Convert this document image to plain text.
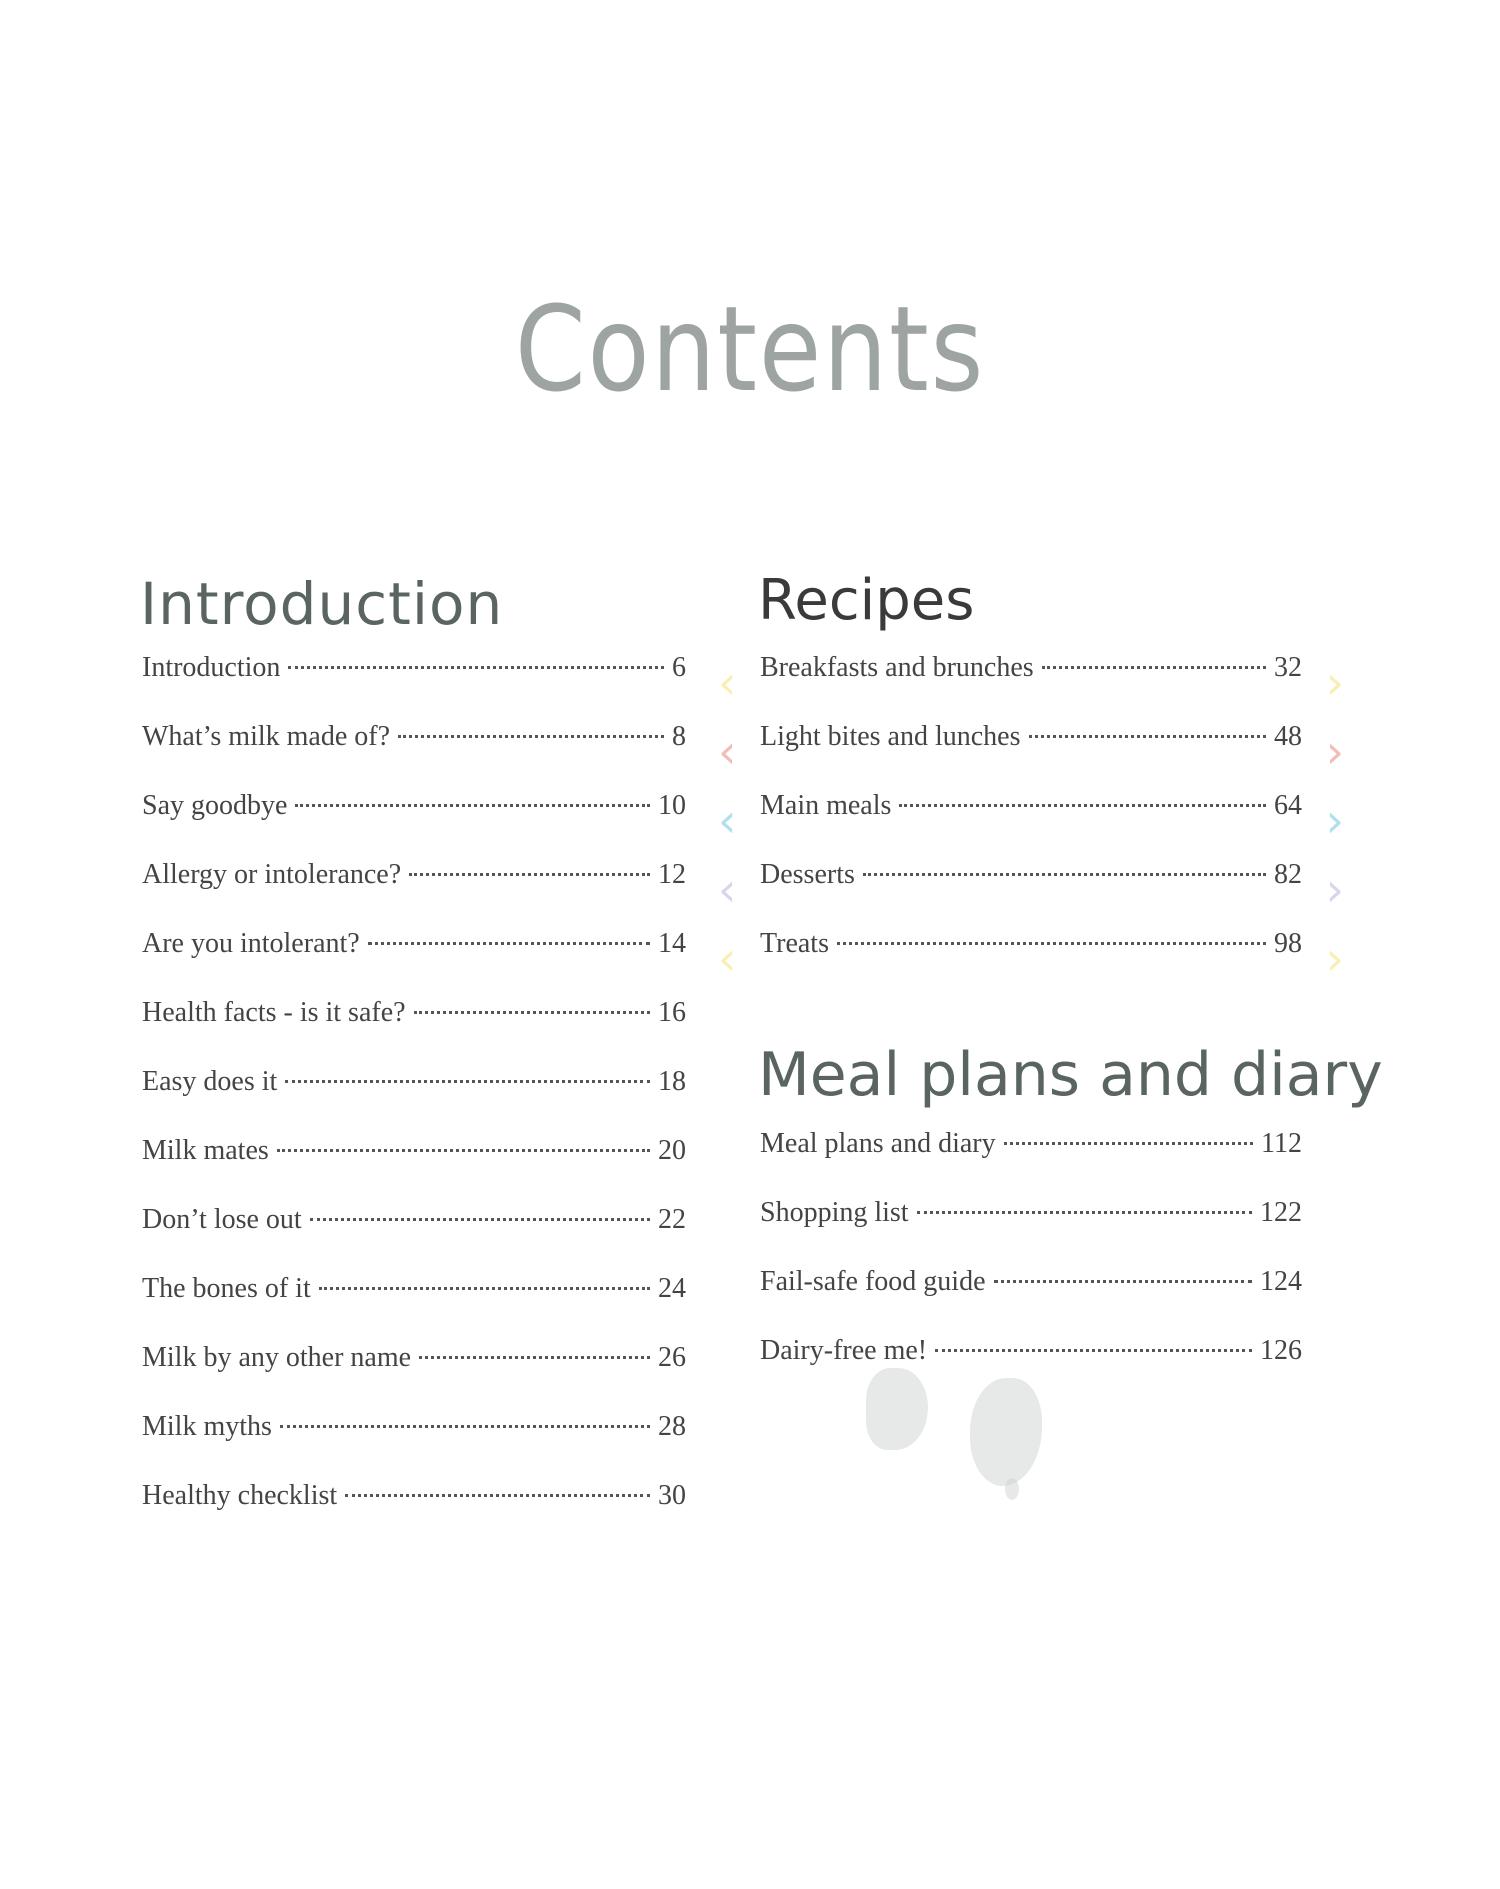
Contents
Introduction
Introduction	6
What’s milk made of?	8
Say goodbye	10
Allergy or intolerance?	12
Are you intolerant?	14
Health facts - is it safe?	16
Easy does it	18
Milk mates	20
Don’t lose out	22
The bones of it	24
Milk by any other name	26
Milk myths	28
Healthy checklist	30
Recipes
‹ Breakfasts and brunches	32 ›
‹ Light bites and lunches	48 ›
‹ Main meals	64 ›
‹ Desserts	82 ›
‹ Treats	98 ›
Meal plans and diary
Meal plans and diary	112
Shopping list	122
Fail-safe food guide	124
Dairy-free me!	126
